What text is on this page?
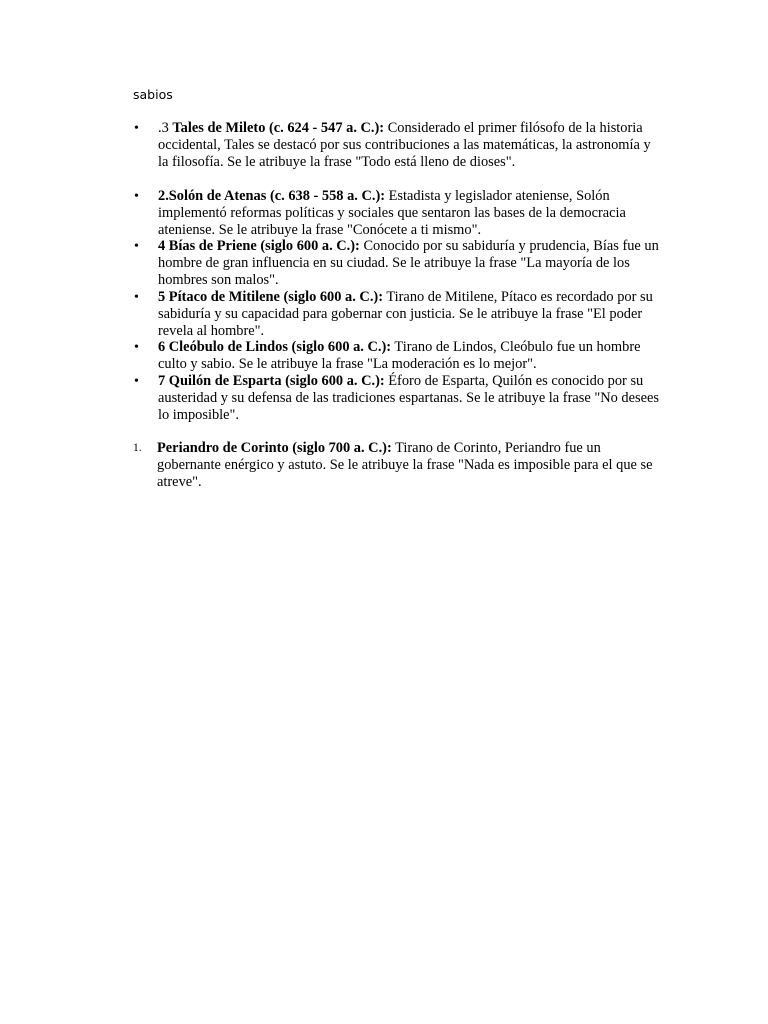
sabios
•	.3 Tales de Mileto (c. 624 - 547 a. C.): Considerado el primer filósofo de la historia occidental, Tales se destacó por sus contribuciones a las matemáticas, la astronomía y la filosofía. Se le atribuye la frase "Todo está lleno de dioses".
•	2.Solón de Atenas (c. 638 - 558 a. C.): Estadista y legislador ateniense, Solón implementó reformas políticas y sociales que sentaron las bases de la democracia ateniense. Se le atribuye la frase "Conócete a ti mismo".
•	4 Bías de Priene (siglo 600 a. C.): Conocido por su sabiduría y prudencia, Bías fue un hombre de gran influencia en su ciudad. Se le atribuye la frase "La mayoría de los hombres son malos".
•	5 Pítaco de Mitilene (siglo 600 a. C.): Tirano de Mitilene, Pítaco es recordado por su sabiduría y su capacidad para gobernar con justicia. Se le atribuye la frase "El poder revela al hombre".
•	6 Cleóbulo de Lindos (siglo 600 a. C.): Tirano de Lindos, Cleóbulo fue un hombre culto y sabio. Se le atribuye la frase "La moderación es lo mejor".
•	7 Quilón de Esparta (siglo 600 a. C.): Éforo de Esparta, Quilón es conocido por su austeridad y su defensa de las tradiciones espartanas. Se le atribuye la frase "No desees lo imposible".
1.	Periandro de Corinto (siglo 700 a. C.): Tirano de Corinto, Periandro fue un gobernante enérgico y astuto. Se le atribuye la frase "Nada es imposible para el que se atreve".
